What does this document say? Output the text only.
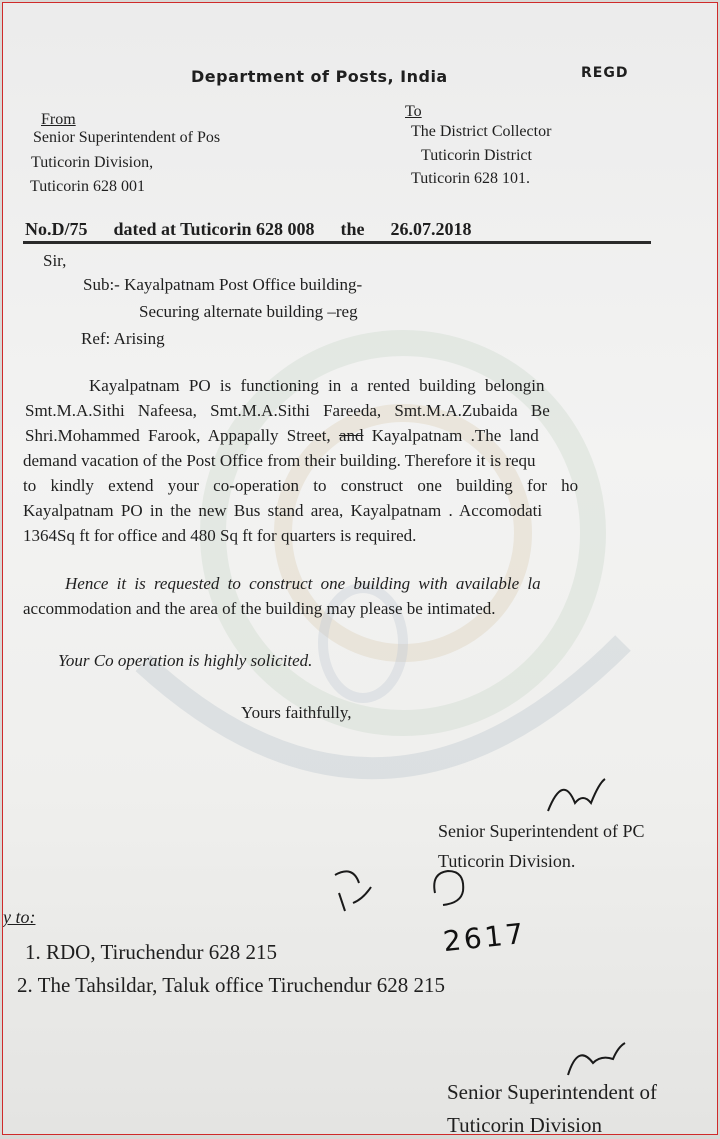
Department of Posts, India	REGD
From
Senior Superintendent of Pos
Tuticorin Division,
Tuticorin 628 001
To
The District Collector
Tuticorin District
Tuticorin 628 101.
No.D/75 dated at Tuticorin 628 008 the 26.07.2018
Sir,
Sub:- Kayalpatnam Post Office building-
Securing alternate building –reg
Ref: Arising
Kayalpatnam PO is functioning in a rented building belongin
Smt.M.A.Sithi Nafeesa, Smt.M.A.Sithi Fareeda, Smt.M.A.Zubaida Be
Shri.Mohammed Farook, Appapally Street, and Kayalpatnam .The land
demand vacation of the Post Office from their building. Therefore it is requ
to kindly extend your co-operation to construct one building for ho
Kayalpatnam PO in the new Bus stand area, Kayalpatnam . Accomodati
1364Sq ft for office and 480 Sq ft for quarters is required.
Hence it is requested to construct one building with available la
accommodation and the area of the building may please be intimated.
Your Co operation is highly solicited.
Yours faithfully,
Senior Superintendent of PC
Tuticorin Division.
2617
y to:
1. RDO, Tiruchendur 628 215
2. The Tahsildar, Taluk office Tiruchendur 628 215
Senior Superintendent of
Tuticorin Division
